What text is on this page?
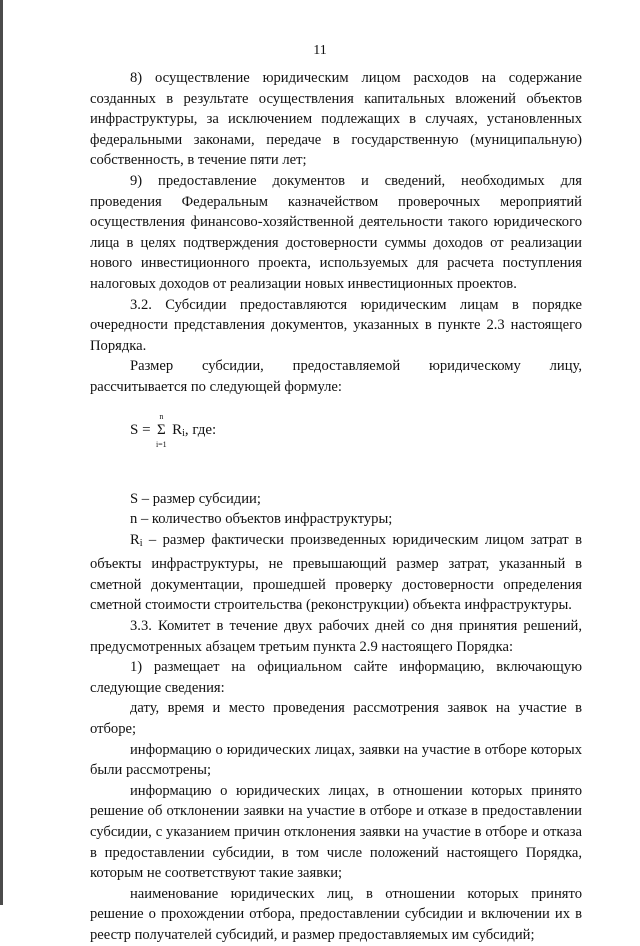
11

8) осуществление юридическим лицом расходов на содержание созданных в результате осуществления капитальных вложений объектов инфраструктуры, за исключением подлежащих в случаях, установленных федеральными законами, передаче в государственную (муниципальную) собственность, в течение пяти лет;

9) предоставление документов и сведений, необходимых для проведения Федеральным казначейством проверочных мероприятий осуществления финансово-хозяйственной деятельности такого юридического лица в целях подтверждения достоверности суммы доходов от реализации нового инвестиционного проекта, используемых для расчета поступления налоговых доходов от реализации новых инвестиционных проектов.

3.2. Субсидии предоставляются юридическим лицам в порядке очередности представления документов, указанных в пункте 2.3 настоящего Порядка.

Размер субсидии, предоставляемой юридическому лицу, рассчитывается по следующей формуле:

S =
n
Σ
i=1
Ri, где:

S – размер субсидии;

n – количество объектов инфраструктуры;

Ri – размер фактически произведенных юридическим лицом затрат в объекты инфраструктуры, не превышающий размер затрат, указанный в сметной документации, прошедшей проверку достоверности определения сметной стоимости строительства (реконструкции) объекта инфраструктуры.

3.3. Комитет в течение двух рабочих дней со дня принятия решений, предусмотренных абзацем третьим пункта 2.9 настоящего Порядка:

1) размещает на официальном сайте информацию, включающую следующие сведения:

дату, время и место проведения рассмотрения заявок на участие в отборе;

информацию о юридических лицах, заявки на участие в отборе которых были рассмотрены;

информацию о юридических лицах, в отношении которых принято решение об отклонении заявки на участие в отборе и отказе в предоставлении субсидии, с указанием причин отклонения заявки на участие в отборе и отказа в предоставлении субсидии, в том числе положений настоящего Порядка, которым не соответствуют такие заявки;

наименование юридических лиц, в отношении которых принято решение о прохождении отбора, предоставлении субсидии и включении их в реестр получателей субсидий, и размер предоставляемых им субсидий;
